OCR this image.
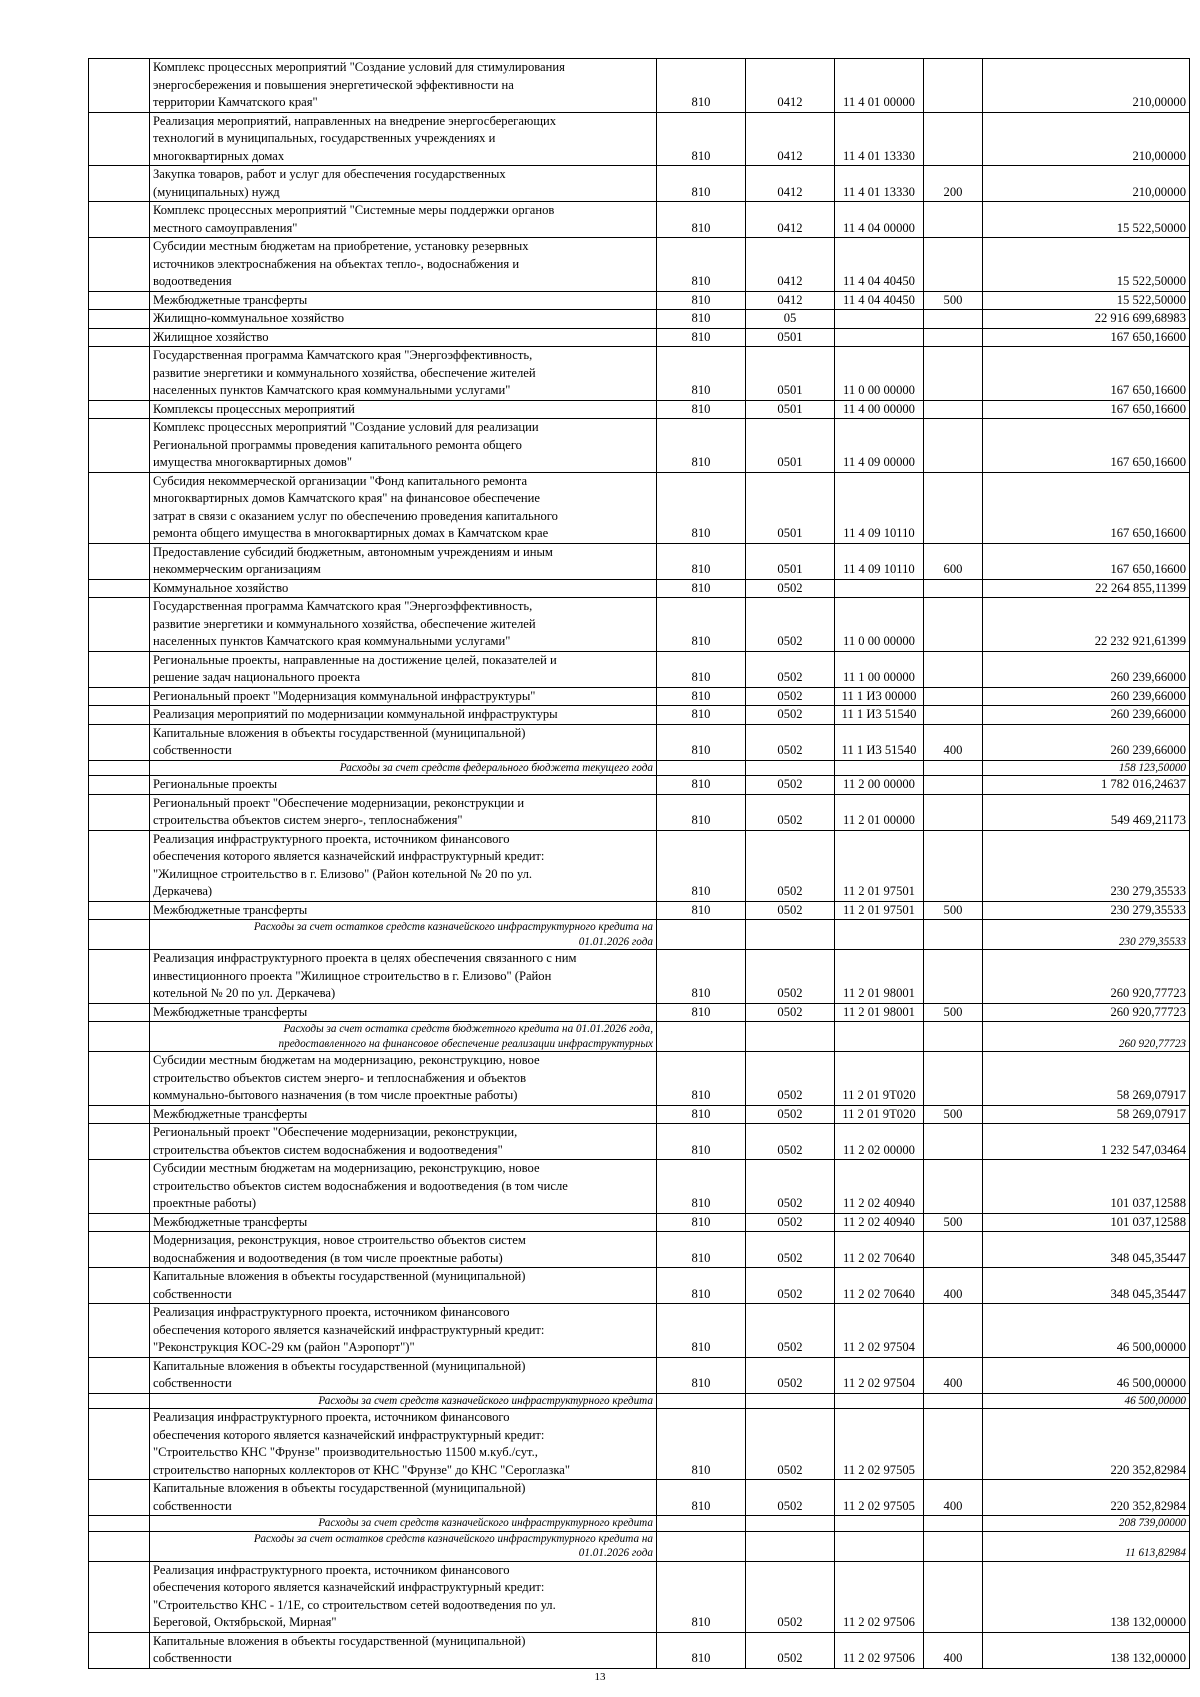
	Комплекс процессных мероприятий "Создание условий для стимулирования
энергосбережения и повышения энергетической эффективности на
территории Камчатского края"	810	0412	11 4 01 00000		210,00000
	Реализация мероприятий, направленных на внедрение энергосберегающих
технологий в муниципальных, государственных учреждениях и
многоквартирных домах	810	0412	11 4 01 13330		210,00000
	Закупка товаров, работ и услуг для обеспечения государственных
(муниципальных) нужд	810	0412	11 4 01 13330	200	210,00000
	Комплекс процессных мероприятий "Системные меры поддержки органов
местного самоуправления"	810	0412	11 4 04 00000		15 522,50000
	Субсидии местным бюджетам на приобретение, установку резервных
источников электроснабжения на объектах тепло-, водоснабжения и
водоотведения	810	0412	11 4 04 40450		15 522,50000
	Межбюджетные трансферты	810	0412	11 4 04 40450	500	15 522,50000
	Жилищно-коммунальное хозяйство	810	05			22 916 699,68983
	Жилищное хозяйство	810	0501			167 650,16600
	Государственная программа Камчатского края "Энергоэффективность,
развитие энергетики и коммунального хозяйства, обеспечение жителей
населенных пунктов Камчатского края коммунальными услугами"	810	0501	11 0 00 00000		167 650,16600
	Комплексы процессных мероприятий	810	0501	11 4 00 00000		167 650,16600
	Комплекс процессных мероприятий "Создание условий для реализации
Региональной программы проведения капитального ремонта общего
имущества многоквартирных домов"	810	0501	11 4 09 00000		167 650,16600
	Субсидия некоммерческой организации "Фонд капитального ремонта
многоквартирных домов Камчатского края" на финансовое обеспечение
затрат в связи с оказанием услуг по обеспечению проведения капитального
ремонта общего имущества в многоквартирных домах в Камчатском крае	810	0501	11 4 09 10110		167 650,16600
	Предоставление субсидий бюджетным, автономным учреждениям и иным
некоммерческим организациям	810	0501	11 4 09 10110	600	167 650,16600
	Коммунальное хозяйство	810	0502			22 264 855,11399
	Государственная программа Камчатского края "Энергоэффективность,
развитие энергетики и коммунального хозяйства, обеспечение жителей
населенных пунктов Камчатского края коммунальными услугами"	810	0502	11 0 00 00000		22 232 921,61399
	Региональные проекты, направленные на достижение целей, показателей и
решение задач национального проекта	810	0502	11 1 00 00000		260 239,66000
	Региональный проект "Модернизация коммунальной инфраструктуры"	810	0502	11 1 И3 00000		260 239,66000
	Реализация мероприятий по модернизации коммунальной инфраструктуры	810	0502	11 1 И3 51540		260 239,66000
	Капитальные вложения в объекты государственной (муниципальной)
собственности	810	0502	11 1 И3 51540	400	260 239,66000
	Расходы за счет средств федерального бюджета текущего года					158 123,50000
	Региональные проекты	810	0502	11 2 00 00000		1 782 016,24637
	Региональный проект "Обеспечение модернизации, реконструкции и
строительства объектов систем энерго-, теплоснабжения"	810	0502	11 2 01 00000		549 469,21173
	Реализация инфраструктурного проекта, источником финансового
обеспечения которого является казначейский инфраструктурный кредит:
"Жилищное строительство в г. Елизово" (Район котельной № 20 по ул.
Деркачева)	810	0502	11 2 01 97501		230 279,35533
	Межбюджетные трансферты	810	0502	11 2 01 97501	500	230 279,35533
	Расходы за счет остатков средств казначейского инфраструктурного кредита на
01.01.2026 года					230 279,35533
	Реализация инфраструктурного проекта в целях обеспечения связанного с ним
инвестиционного проекта "Жилищное строительство в г. Елизово" (Район
котельной № 20 по ул. Деркачева)	810	0502	11 2 01 98001		260 920,77723
	Межбюджетные трансферты	810	0502	11 2 01 98001	500	260 920,77723
	Расходы за счет остатка средств бюджетного кредита на 01.01.2026 года,
предоставленного на финансовое обеспечение реализации инфраструктурных					260 920,77723
	Субсидии местным бюджетам на модернизацию, реконструкцию, новое
строительство объектов систем энерго- и теплоснабжения и объектов
коммунально-бытового назначения (в том числе проектные работы)	810	0502	11 2 01 9Т020		58 269,07917
	Межбюджетные трансферты	810	0502	11 2 01 9Т020	500	58 269,07917
	Региональный проект "Обеспечение модернизации, реконструкции,
строительства объектов систем водоснабжения и водоотведения"	810	0502	11 2 02 00000		1 232 547,03464
	Субсидии местным бюджетам на модернизацию, реконструкцию, новое
строительство объектов систем водоснабжения и водоотведения (в том числе
проектные работы)	810	0502	11 2 02 40940		101 037,12588
	Межбюджетные трансферты	810	0502	11 2 02 40940	500	101 037,12588
	Модернизация, реконструкция, новое строительство объектов систем
водоснабжения и водоотведения (в том числе проектные работы)	810	0502	11 2 02 70640		348 045,35447
	Капитальные вложения в объекты государственной (муниципальной)
собственности	810	0502	11 2 02 70640	400	348 045,35447
	Реализация инфраструктурного проекта, источником финансового
обеспечения которого является казначейский инфраструктурный кредит:
"Реконструкция КОС-29 км (район "Аэропорт")"	810	0502	11 2 02 97504		46 500,00000
	Капитальные вложения в объекты государственной (муниципальной)
собственности	810	0502	11 2 02 97504	400	46 500,00000
	Расходы за счет средств казначейского инфраструктурного кредита					46 500,00000
	Реализация инфраструктурного проекта, источником финансового
обеспечения которого является казначейский инфраструктурный кредит:
"Строительство КНС "Фрунзе" производительностью 11500 м.куб./сут.,
строительство напорных коллекторов от КНС "Фрунзе" до КНС "Сероглазка"	810	0502	11 2 02 97505		220 352,82984
	Капитальные вложения в объекты государственной (муниципальной)
собственности	810	0502	11 2 02 97505	400	220 352,82984
	Расходы за счет средств казначейского инфраструктурного кредита					208 739,00000
	Расходы за счет остатков средств казначейского инфраструктурного кредита на
01.01.2026 года					11 613,82984
	Реализация инфраструктурного проекта, источником финансового
обеспечения которого является казначейский инфраструктурный кредит:
"Строительство КНС - 1/1Е, со строительством сетей водоотведения по ул.
Береговой, Октябрьской, Мирная"	810	0502	11 2 02 97506		138 132,00000
	Капитальные вложения в объекты государственной (муниципальной)
собственности	810	0502	11 2 02 97506	400	138 132,00000
13
